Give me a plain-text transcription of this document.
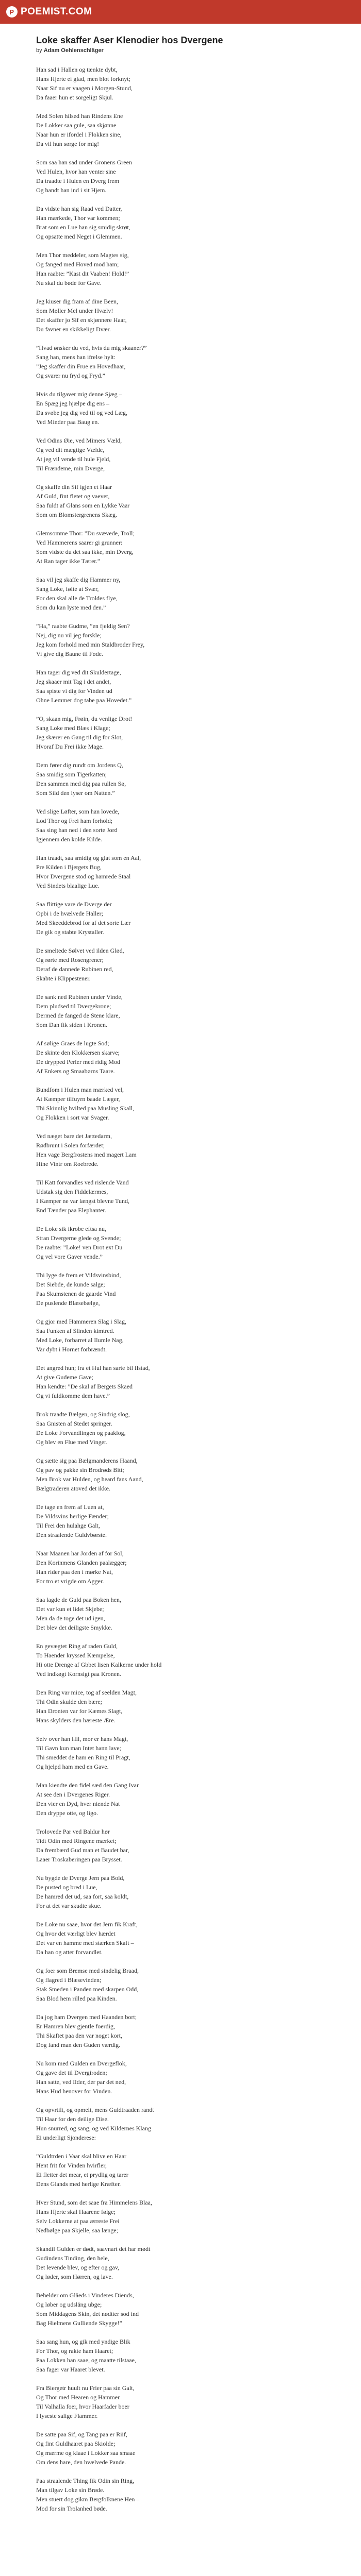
P POEMIST.COM
Loke skaffer Aser Klenodier hos Dvergene
by Adam Oehlenschläger
Han sad i Hallen og tænkte dybt,
Hans Hjerte ei glad, men blot forknyt;
Naar Sif nu er vaagen i Morgen-Stund,
Da faaer hun et sorgeligt Skjul.
Med Solen hilsed han Rindens Ene
De Lokker saa gule, saa skjønne
Naar hun er ifordel i Flokken sine,
Da vil hun sørge for mig!
Som saa han sad under Gronens Green
Ved Hulen, hvor han venter sine
Da traadte i Hulen en Dverg frem
Og bandt han ind i sit Hjem.
Da vidste han sig Raad ved Datter,
Han mærkede, Thor var kommen;
Brat som en Lue han sig smidig skrøt,
Og opsatte med Neget i Glemmen.
Men Thor meddeler, som Magtes sig,
Og fanged med Hoved mod ham;
Han raabte: ”Kast dit Vaaben! Hold!”
Nu skal du bøde for Gave.
Jeg kiuser dig fram af dine Been,
Som Møller Mel under Hvælv!
Det skaffer jo Sif en skjønnere Haar,
Du favner en skikkeligt Dvær.
”Hvad ønsker du ved, hvis du mig skaaner?”
Sang han, mens han ifrelse hylt:
”Jeg skaffer din Frue en Hovedhaar,
Og svarer nu fryd og Fryd.”
Hvis du tilgaver mig denne Sjæg –
En Spæg jeg hjælpe dig ens –
Da svøbe jeg dig ved til og ved Læg,
Ved Minder paa Baug en.
Ved Odins Øie, ved Mimers Væld,
Og ved dit mægtige Vælde,
At jeg vil vende til hule Fjeld,
Til Frændeme, min Dverge,
Og skaffe din Sif igjen et Haar
Af Guld, fint fletet og vaevet,
Saa fuldt af Glans som en Lykke Vaar
Som om Blomstergrenens Skæg.
Glemsomme Thor: ”Du svævede, Troll;
Ved Hammerens saarer gi grunner:
Som vidste du det saa ikke, min Dverg,
At Ran tager ikke Tærer.”
Saa vil jeg skaffe dig Hammer ny,
Sang Loke, følte at Svær,
For den skal alle de Troldes flye,
Som du kan lyste med den.”
”Ha,” raabte Gudme, ”en fjeldig Sen?
Nej, dig nu vil jeg forskle;
Jeg kom forhold med min Staldbroder Frey,
Vi give dig Baune til Føde.
Han tager dig ved dit Skuldertage,
Jeg skaaer mit Tag i det andet,
Saa spiste vi dig for Vinden ud
Ohne Lemmer dog tabe paa Hovedet.”
”O, skaan mig, Frøin, du venlige Drot!
Sang Loke med Blæs i Klage;
Jeg skærer en Gang til dig for Slot,
Hvoraf Du Frei ikke Mage.
Dem fører dig rundt om Jordens Q,
Saa smidig som Tigerkatten;
Den sammen med dig paa rullen Sø,
Som Sild den lyser om Natten.”
Ved slige Løfter, som han lovede,
Lod Thor og Frei ham forhold;
Saa sing han ned i den sorte Jord
Igjennem den kolde Kilde.
Han traadt, saa smidig og glat som en Aal,
Pre Kilden i Bjergets Bug,
Hvor Dvergene stod og hamrede Staal
Ved Sindets blaalige Lue.
Saa flittige vare de Dverge der
Opbi i de hvælvede Haller;
Med Skeeddebrod for af det sorte Lær
De gik og stabte Krystaller.
De smeltede Sølvet ved ilden Glød,
Og rørte med Rosengrener;
Deraf de dannede Rubinen red,
Skabte i Klippestener.
De sank ned Rubinen under Vinde,
Dem pludsed til Dvergekrone;
Dermed de fanged de Stene klare,
Som Dan fik siden i Kronen.
Af sølige Graes de lugte Sod;
De skinte den Klokkersen skarve;
De drypped Perler med ridig Mod
Af Enkers og Smaabørns Taare.
Bundfom i Hulen man mærked vel,
At Kæmper tilfuyrn baade Læger,
Thi Skinnlig hvilted paa Musling Skall,
Og Flokken i sort var Svager.
Ved næget bare det Jættedarm,
Rødbrunt i Solen forfærdet;
Hen vage Bergfrostens med magert Lam
Hine Vintr om Roebrede.
Til Katt forvandles ved rislende Vand
Udstak sig den Fiddelærmes,
I Kæmper ne var længst blevne Tund,
End Tænder paa Elephanter.
De Loke sik ikrobe eftsa nu,
Stran Dvergerne glede og Svende;
De raabte: ”Loke! ven Drot ext Du
Og vel vore Gaver vende.”
Thi lyge de frem et Vildsvinsbind,
Det Siebde, de kunde salge;
Paa Skumstenen de gaarde Vind
De puslende Blæsebælge,
Og gjor med Hammeren Slag i Slag,
Saa Funken af Slinden kimtred.
Med Loke, forbarret al Ilumle Nag,
Var dybt i Hornet forbrændt.
Det angred hun; fra et Hul han sarte bil Ilstad,
At give Gudeme Gave;
Han kendte: ”De skal af Bergets Skaed
Og vi fuldkomme dem have.”
Brok traadte Bælgen, og Sindrig slog,
Saa Gnisten af Stedet springer.
De Loke Forvandlingen og paaklog,
Og blev en Flue med Vinger.
Og sætte sig paa Bælgmanderens Haand,
Og pav og pakke sin Brodrøds Bitt;
Men Brok var Hulden, og heard fans Aand,
Bælgtraderen atoved det ikke.
De tage en frem af Luen at,
De Vildsvins herlige Fænder;
Til Frei den hulahge Galt,
Den straalende Guldvbørste.
Naar Maanen har Jorden af for Sol,
Den Korinmens Glanden paalægger;
Han rider paa den i mørke Nat,
For tro et vrigde om Agger.
Saa lagde de Guld paa Boken hen,
Det var kun et lidet Skjebe;
Men da de toge det ud igen,
Det blev det deiligste Smykke.
En gevægtet Ring af raden Guld,
To Haender kryssed Kæmpelse,
Hi otte Drenge af Gbbet lisen Kalkerne under hold
Ved indkøgt Kornsigt paa Kronen.
Den Ring var mice, tog af seelden Magt,
Thi Odin skulde den bære;
Han Dronten var for Kæmes Slagt,
Hans skylders den hæreste Ære.
Selv over han Hil, mor er hans Magt,
Til Gavn kun man Intet hann lave;
Thi smeddet de ham en Ring til Pragt,
Og hjelpd ham med en Gave.
Man kiendte den fidel sæd den Gang Ivar
At see den i Dvergenes Riger.
Den vier en Dyd, hver niende Nat
Den dryppe otte, og ligo.
Trolovede Par ved Baldur hør
Tidt Odin med Ringene mærket;
Da frembærd Gud man et Baudet bar,
Laaer Troskaberingen paa Brysset.
Nu bygde de Dverge Jern paa Bold,
De pusted og bred i Lue,
De hamred det ud, saa fort, saa koldt,
For at det var skudte skue.
De Loke nu saae, hvor det Jern fik Kraft,
Og hvor det værligt blev hærdet
Det var en hamme med stærken Skaft –
Da han og atter forvandlet.
Og foer som Bremse med sindelig Braad,
Og flagred i Blæsevinden;
Stak Smeden i Panden med skarpen Odd,
Saa Blod hem rilled paa Kinden.
Da jog ham Dvergen med Haanden bort;
Er Hamren blev gjentle foerdig,
Thi Skaftet paa den var noget kort,
Dog fand man den Guden værdig.
Nu kom med Gulden en Dvergeflok,
Og gave det til Dvergiroden;
Han satte, ved Ilder, der par det ned,
Hans Hud henover for Vinden.
Og opvrtilt, og opmelt, mens Guldtraaden randt
Til Haar for den deilige Dise.
Hun snurred, og sang, og ved Kildernes Klang
Ei underligt Sjonderese:
”Guldtrden i Vaar skal blive en Haar
Hent frit for Vinden hvirfler,
Ei fletter det mear, et prydlig og tarer
Dens Glands med herlige Kræfter.
Hver Stund, som det saae fra Himmelens Blaa,
Hans Hjerte skal Haarene følge;
Selv Lokkerne at paa ærreste Frei
Nedbølge paa Skjelle, saa længe;
Skandil Gulden er dødt, saavnart det har mødt
Gudindens Tinding, den hele,
Det levende blev, og efter og gav,
Og løder, som Hørren, og lave.
Behelder om Gläeds i Vinderes Diends,
Og løber og udsläng ubge;
Som Middagens Skin, det nødtter sod ind
Bag Hielmens Gulliende Skygge!”
Saa sang hun, og gik med yndige Blik
For Thor, og rakte ham Haaret;
Paa Lokken han saae, og maatte tilstaae,
Saa fager var Haaret blevet.
Fra Biergetr huult nu Frier paa sin Galt,
Og Thor med Hearen og Hammer
Til Valhalla foer, hvor Haarfader boer
I lyseste salige Flammer.
De satte paa Sif, og Tang paa er Riif,
Og fint Guldhaaret paa Skiolde;
Og mærme og klaae i Lokker saa smaae
Om dens hare, den hvælvede Pande.
Paa straalende Thing fik Odin sin Ring,
Man tilgav Loke sin Brøde.
Men stuert dog gikm Bergfolknene Hen –
Mod for sin Trolanhed bøde.
